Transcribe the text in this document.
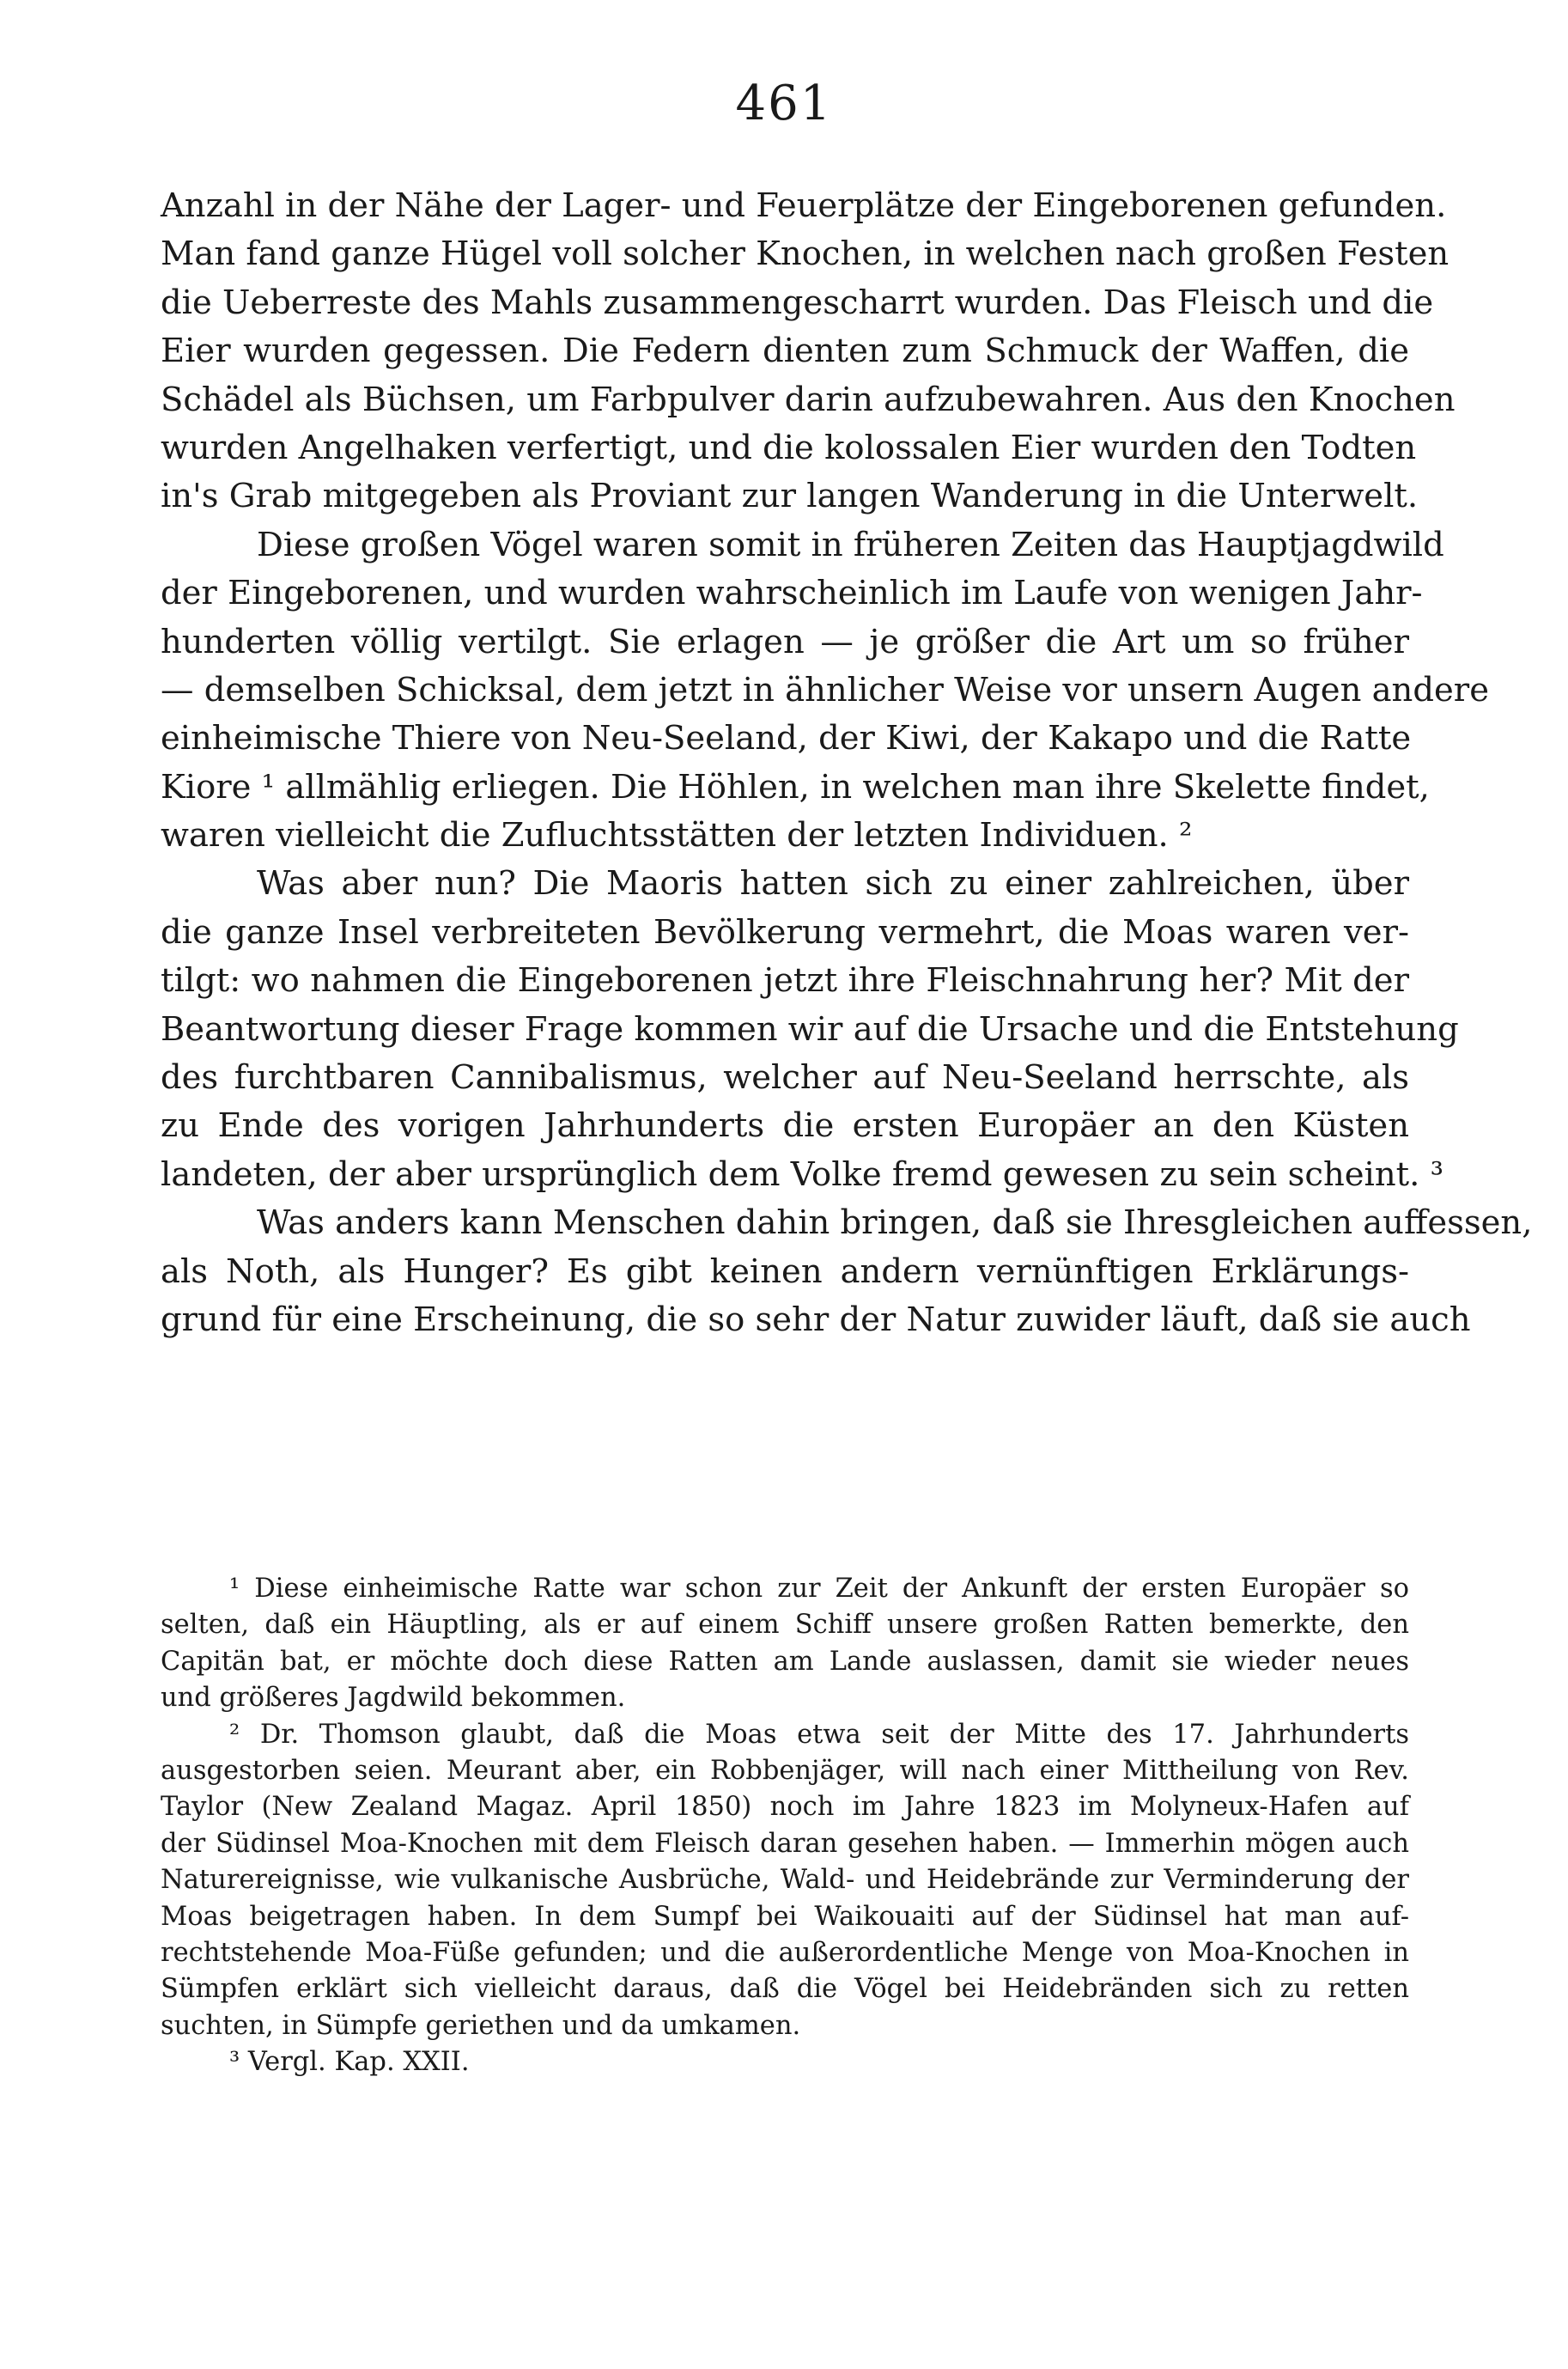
461
Anzahl in der Nähe der Lager- und Feuerplätze der Eingeborenen gefunden.
Man fand ganze Hügel voll solcher Knochen, in welchen nach großen Festen
die Ueberreste des Mahls zusammengescharrt wurden. Das Fleisch und die
Eier wurden gegessen. Die Federn dienten zum Schmuck der Waffen, die
Schädel als Büchsen, um Farbpulver darin aufzubewahren. Aus den Knochen
wurden Angelhaken verfertigt, und die kolossalen Eier wurden den Todten
in's Grab mitgegeben als Proviant zur langen Wanderung in die Unterwelt.
Diese großen Vögel waren somit in früheren Zeiten das Hauptjagdwild
der Eingeborenen, und wurden wahrscheinlich im Laufe von wenigen Jahr-
hunderten völlig vertilgt. Sie erlagen — je größer die Art um so früher
— demselben Schicksal, dem jetzt in ähnlicher Weise vor unsern Augen andere
einheimische Thiere von Neu-Seeland, der Kiwi, der Kakapo und die Ratte
Kiore ¹ allmählig erliegen. Die Höhlen, in welchen man ihre Skelette findet,
waren vielleicht die Zufluchtsstätten der letzten Individuen. ²
Was aber nun? Die Maoris hatten sich zu einer zahlreichen, über
die ganze Insel verbreiteten Bevölkerung vermehrt, die Moas waren ver-
tilgt: wo nahmen die Eingeborenen jetzt ihre Fleischnahrung her? Mit der
Beantwortung dieser Frage kommen wir auf die Ursache und die Entstehung
des furchtbaren Cannibalismus, welcher auf Neu-Seeland herrschte, als
zu Ende des vorigen Jahrhunderts die ersten Europäer an den Küsten
landeten, der aber ursprünglich dem Volke fremd gewesen zu sein scheint. ³
Was anders kann Menschen dahin bringen, daß sie Ihresgleichen auffessen,
als Noth, als Hunger? Es gibt keinen andern vernünftigen Erklärungs-
grund für eine Erscheinung, die so sehr der Natur zuwider läuft, daß sie auch
¹ Diese einheimische Ratte war schon zur Zeit der Ankunft der ersten Europäer so
selten, daß ein Häuptling, als er auf einem Schiff unsere großen Ratten bemerkte, den
Capitän bat, er möchte doch diese Ratten am Lande auslassen, damit sie wieder neues
und größeres Jagdwild bekommen.
² Dr. Thomson glaubt, daß die Moas etwa seit der Mitte des 17. Jahrhunderts
ausgestorben seien. Meurant aber, ein Robbenjäger, will nach einer Mittheilung von Rev.
Taylor (New Zealand Magaz. April 1850) noch im Jahre 1823 im Molyneux-Hafen auf
der Südinsel Moa-Knochen mit dem Fleisch daran gesehen haben. — Immerhin mögen auch
Naturereignisse, wie vulkanische Ausbrüche, Wald- und Heidebrände zur Verminderung der
Moas beigetragen haben. In dem Sumpf bei Waikouaiti auf der Südinsel hat man auf-
rechtstehende Moa-Füße gefunden; und die außerordentliche Menge von Moa-Knochen in
Sümpfen erklärt sich vielleicht daraus, daß die Vögel bei Heidebränden sich zu retten
suchten, in Sümpfe geriethen und da umkamen.
³ Vergl. Kap. XXII.
